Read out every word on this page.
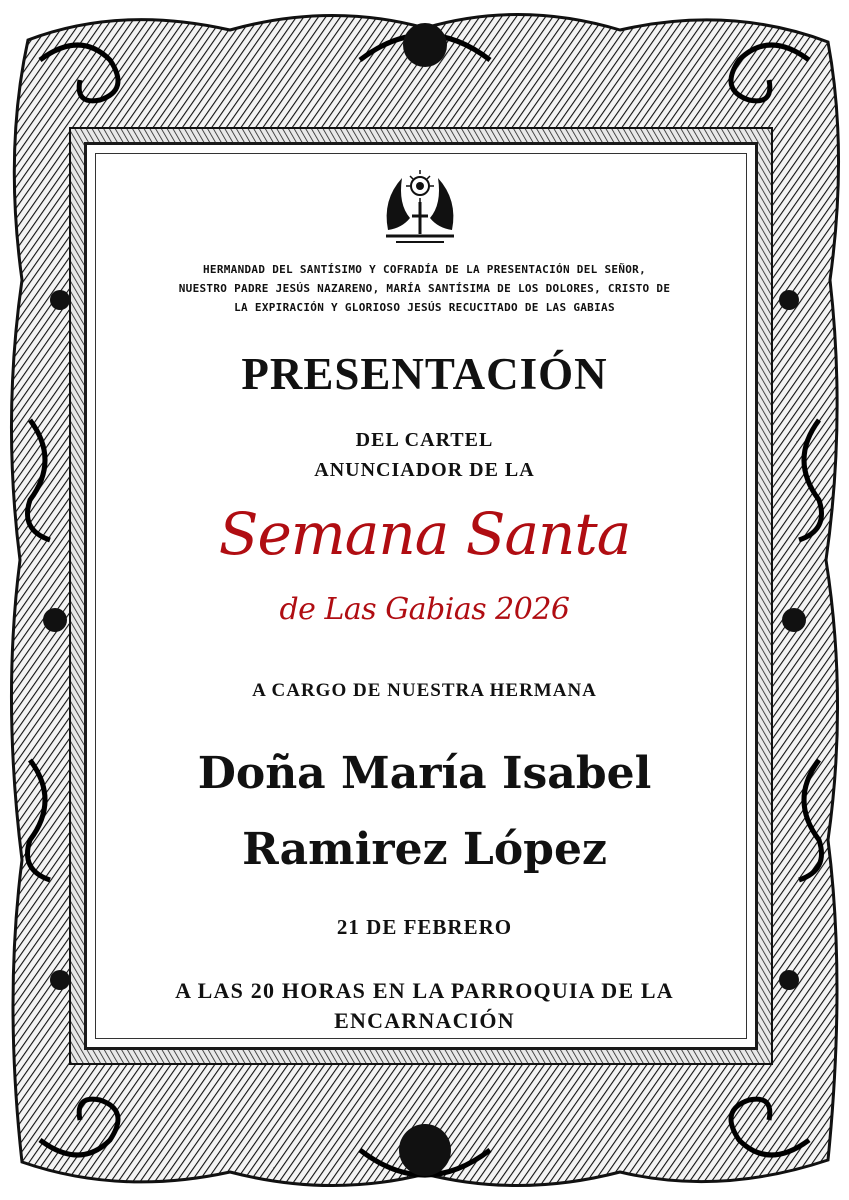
HERMANDAD DEL SANTÍSIMO Y COFRADÍA DE LA PRESENTACIÓN DEL SEÑOR,
NUESTRO PADRE JESÚS NAZARENO, MARÍA SANTÍSIMA DE LOS DOLORES, CRISTO DE
LA EXPIRACIÓN Y GLORIOSO JESÚS RECUCITADO DE LAS GABIAS
PRESENTACIÓN
DEL CARTEL
ANUNCIADOR DE LA
Semana Santa
de Las Gabias 2026
A CARGO DE NUESTRA HERMANA
Doña María Isabel
Ramirez López
21 DE FEBRERO
A LAS 20 HORAS EN LA PARROQUIA DE LA
ENCARNACIÓN
